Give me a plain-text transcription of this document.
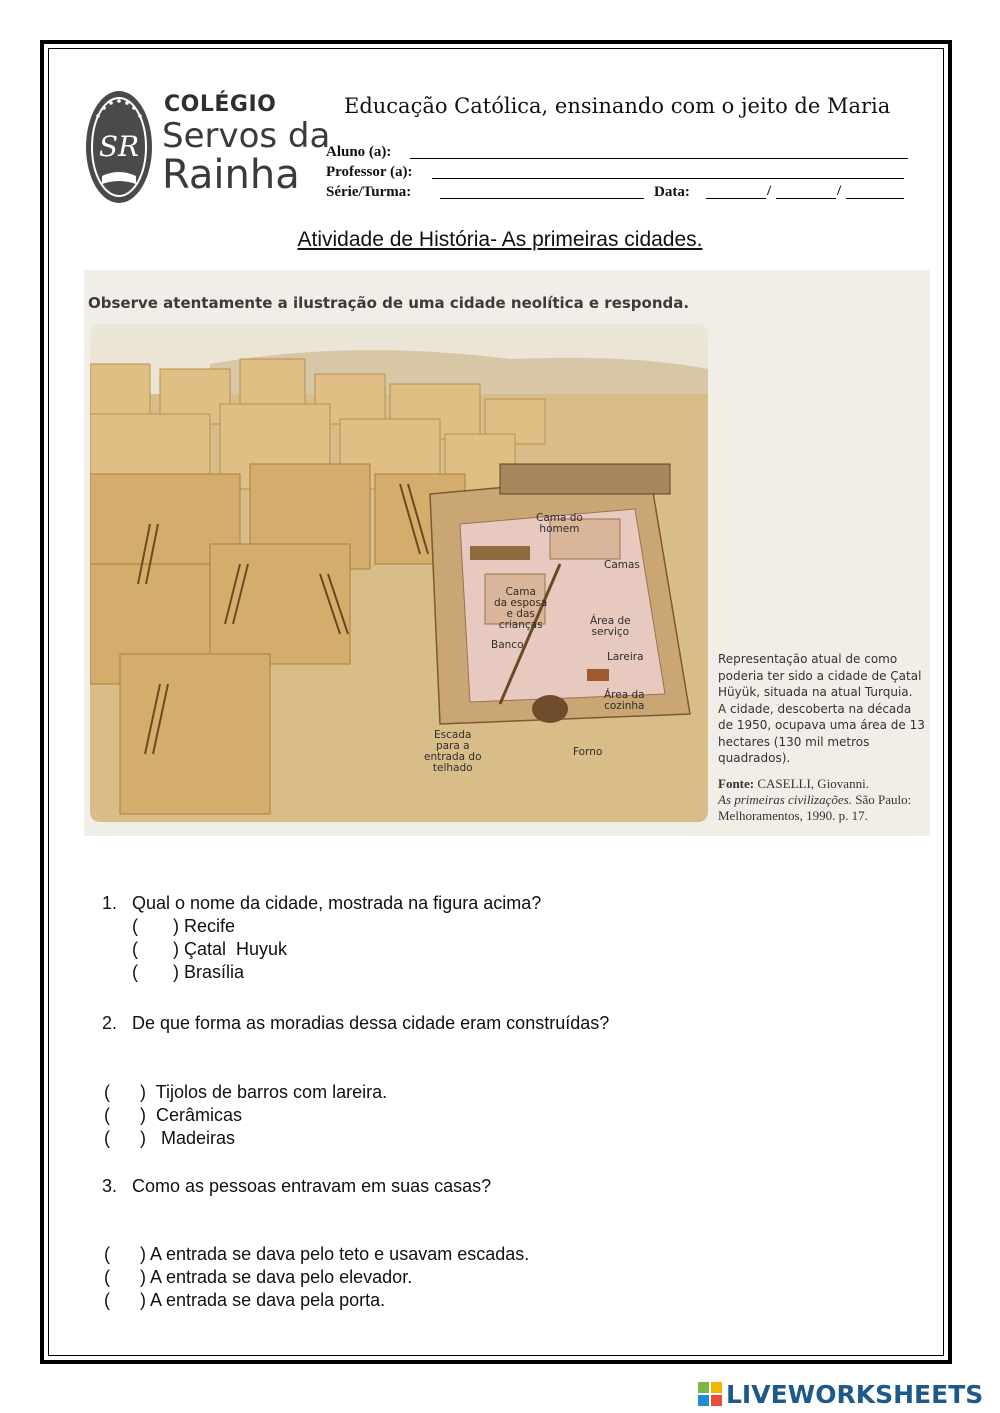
SR
COLÉGIO
Servos da
Rainha
Educação Católica, ensinando com o jeito de Maria
Aluno (a):
Professor (a):
Série/Turma:	Data:	/	/
Atividade de História- As primeiras cidades.
Observe atentamente a ilustração de uma cidade neolítica e responda.
Cama do
homem
Camas
Cama
da esposa
e das
crianças	Área de
serviço
Banco
Lareira
Área da
cozinha
Escada
para a
entrada do
telhado
Forno
Representação atual de como
poderia ter sido a cidade de Çatal
Hüyük, situada na atual Turquia.
A cidade, descoberta na década
de 1950, ocupava uma área de 13
hectares (130 mil metros quadrados).
Fonte: CASELLI, Giovanni.
As primeiras civilizações. São Paulo:
Melhoramentos, 1990. p. 17.
1. Qual o nome da cidade, mostrada na figura acima?
(       ) Recife
(       ) Çatal  Huyuk
(       ) Brasília
2. De que forma as moradias dessa cidade eram construídas?
(      )  Tijolos de barros com lareira.
(      )  Cerâmicas
(      )   Madeiras
3. Como as pessoas entravam em suas casas?
(      ) A entrada se dava pelo teto e usavam escadas.
(      ) A entrada se dava pelo elevador.
(      ) A entrada se dava pela porta.
LIVEWORKSHEETS
